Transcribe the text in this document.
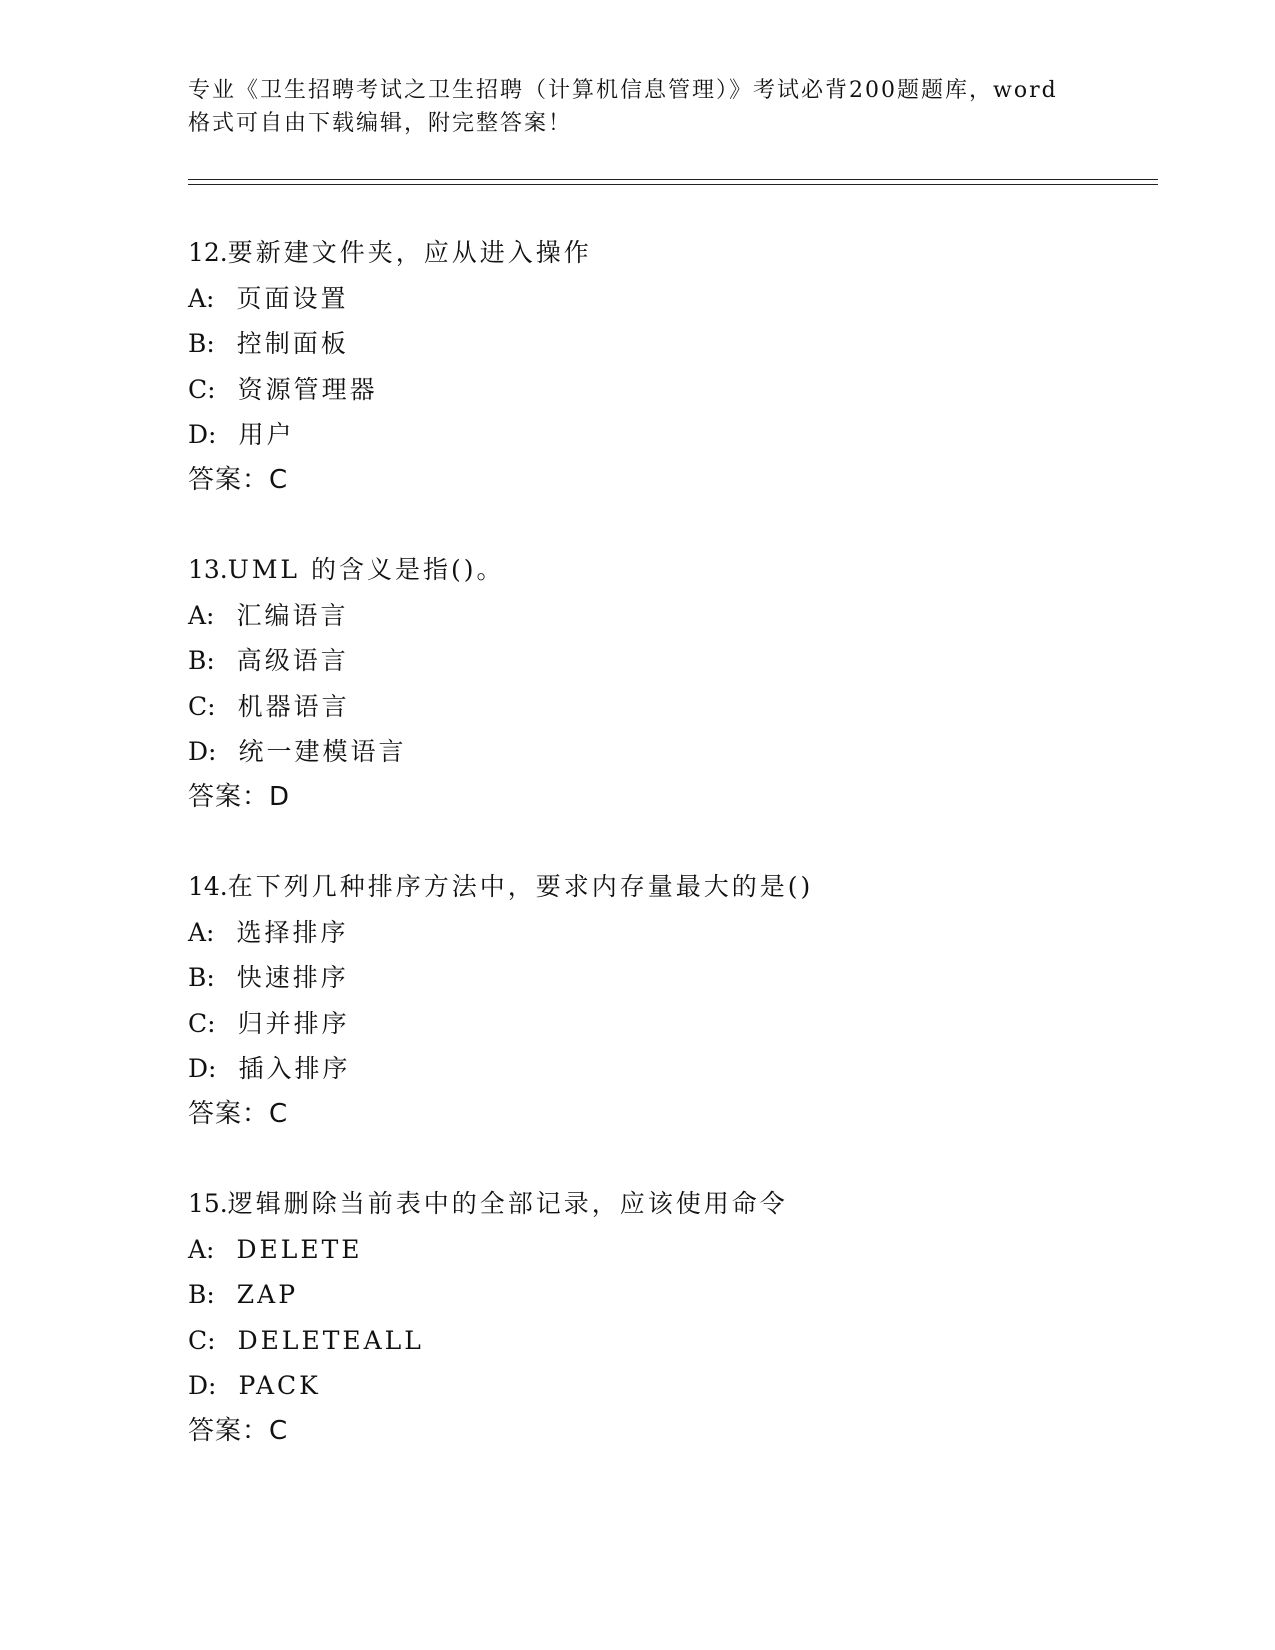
专业《卫生招聘考试之卫生招聘（计算机信息管理）》考试必背200题题库，word
格式可自由下载编辑，附完整答案！

12.要新建文件夹，应从进入操作
A: 页面设置
B: 控制面板
C: 资源管理器
D: 用户
答案：C
13.UML 的含义是指()。
A: 汇编语言
B: 高级语言
C: 机器语言
D: 统一建模语言
答案：D
14.在下列几种排序方法中，要求内存量最大的是()
A: 选择排序
B: 快速排序
C: 归并排序
D: 插入排序
答案：C
15.逻辑删除当前表中的全部记录，应该使用命令
A: DELETE
B: ZAP
C: DELETEALL
D: PACK
答案：C
